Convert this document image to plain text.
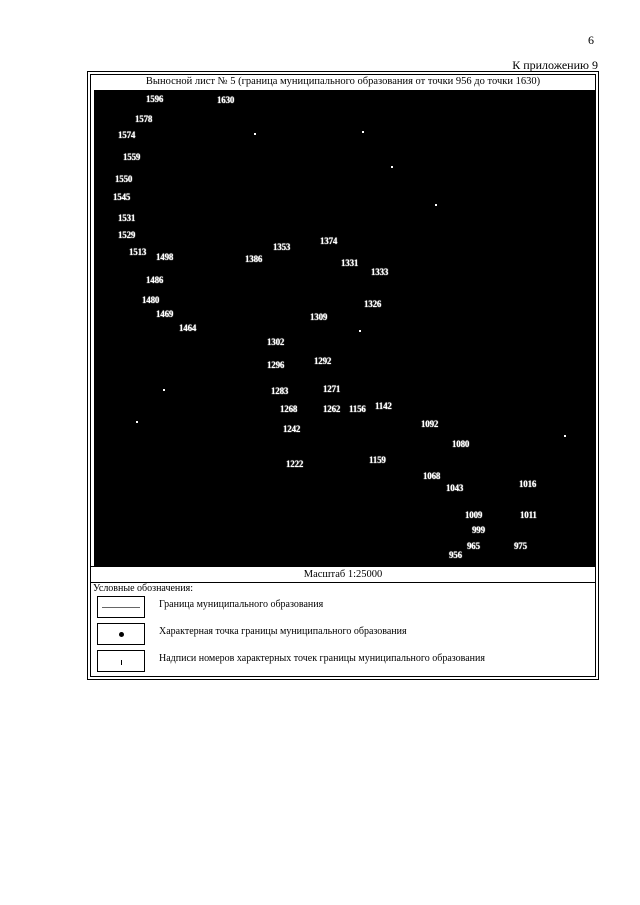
6
К приложению 9
Выносной лист № 5 (граница муниципального образования от точки 956 до точки 1630)
1596	1630
1578
1574
1559
1550
1545
1531
1529
1513 1498
1486
1480
1469
1464
1386
1353
1374
1331
1333
1326
1309
1302
1296	1292
1283	1271
1268	1262 1156 1142
1242
1222	1159
1092
1080
1068
1043	1016
1009
999
965	975
956
1011
Масштаб 1:25000
Условные обозначения:
Граница муниципального образования
Характерная точка границы муниципального образования
Надписи номеров характерных точек границы муниципального образования
